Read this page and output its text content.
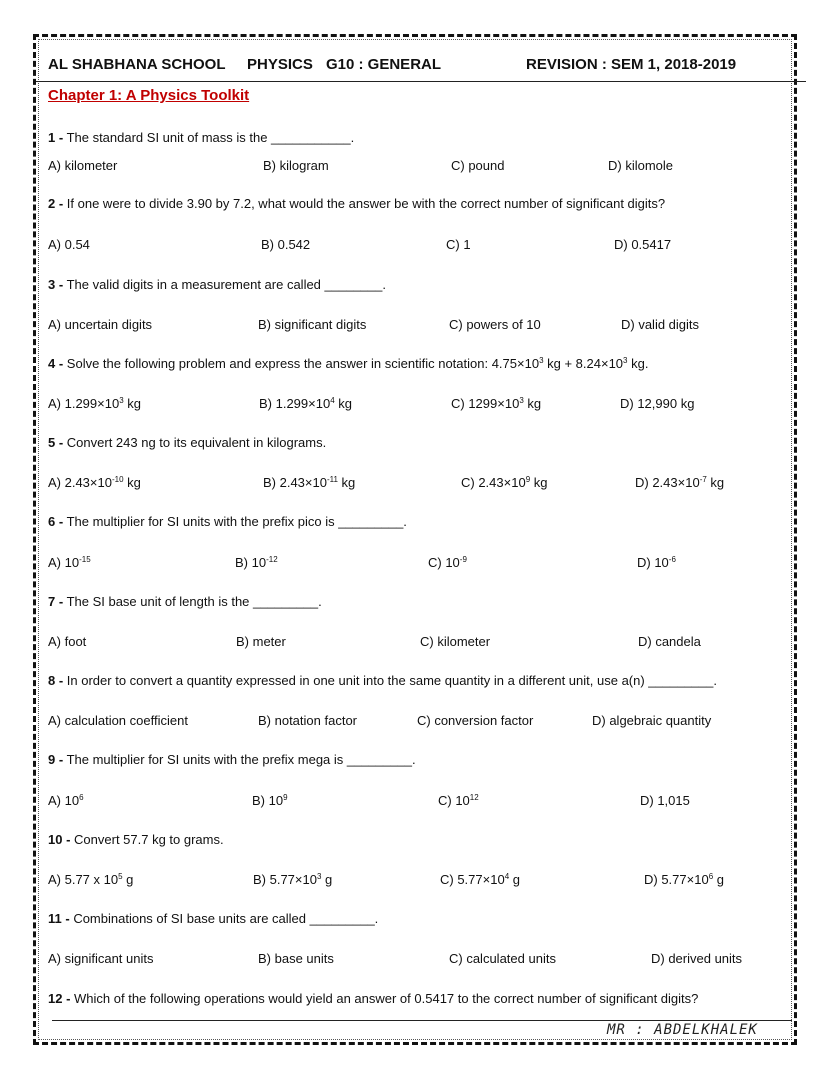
AL SHABHANA SCHOOL PHYSICS G10 : GENERAL	REVISION : SEM 1, 2018-2019
Chapter 1: A Physics Toolkit
1 - The standard SI unit of mass is the ___________.
A) kilometer	B) kilogram	C) pound	D) kilomole
2 - If one were to divide 3.90 by 7.2, what would the answer be with the correct number of significant digits?
A) 0.54	B) 0.542	C) 1	D) 0.5417
3 - The valid digits in a measurement are called ________.
A) uncertain digits	B) significant digits	C) powers of 10	D) valid digits
4 - Solve the following problem and express the answer in scientific notation: $4.75\times 10^3$ kg + $8.24\times 10^3$ kg.
A) $1.299\times 10^3$ kg	B) $1.299\times 10^4$ kg	C) $1299\times 10^3$ kg	D) 12,990 kg
5 - Convert 243 ng to its equivalent in kilograms.
A) $2.43\times 10^{-10}$ kg	B) $2.43\times 10^{-11}$ kg	C) $2.43\times 10^9$ kg	D) $2.43\times 10^{-7}$ kg
6 - The multiplier for SI units with the prefix pico is _________.
A) $10^{-15}$	B) $10^{-12}$	C) $10^{-9}$	D) $10^{-6}$
7 - The SI base unit of length is the _________.
A) foot	B) meter	C) kilometer	D) candela
8 - In order to convert a quantity expressed in one unit into the same quantity in a different unit, use a(n) _________.
A) calculation coefficient	B) notation factor	C) conversion factor	D) algebraic quantity
9 - The multiplier for SI units with the prefix mega is _________.
A) $10^6$	B) $10^9$	C) $10^{12}$	D) 1,015
10 - Convert 57.7 kg to grams.
A) 5.77 x $10^5$ g	B) $5.77\times 10^3$ g	C) $5.77\times 10^4$ g	D) $5.77\times 10^6$ g
11 - Combinations of SI base units are called _________.
A) significant units	B) base units	C) calculated units	D) derived units
12 - Which of the following operations would yield an answer of 0.5417 to the correct number of significant digits?
MR : ABDELKHALEK
